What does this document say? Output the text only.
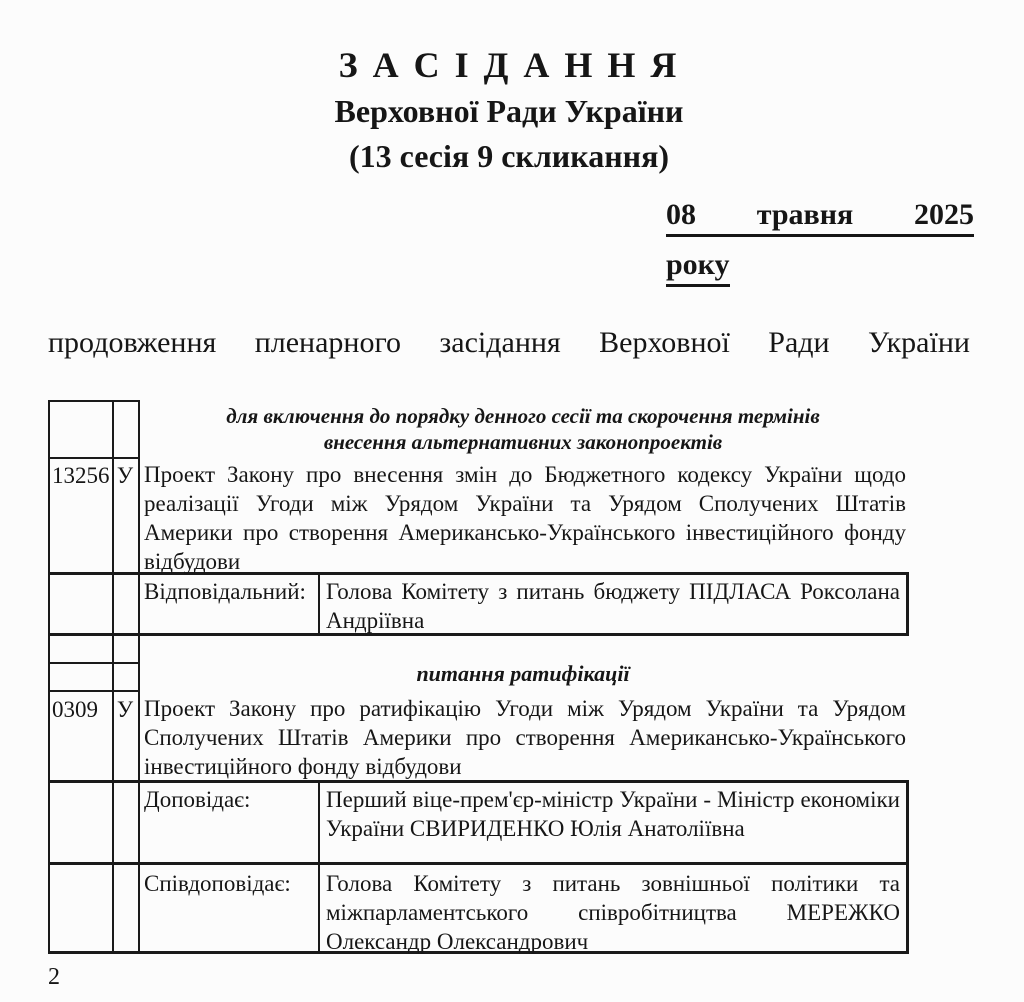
З А С І Д А Н Н Я
Верховної Ради України
(13 сесія 9 скликання)
08 травня 2025
року
продовження пленарного засідання Верховної Ради України
для включення до порядку денного сесії та скорочення термінів
внесення альтернативних законопроектів
13256 У Проект Закону про внесення змін до Бюджетного кодексу України щодо реалізації Угоди між Урядом України та Урядом Сполучених Штатів Америки про створення Американсько-Українського інвестиційного фонду відбудови
Відповідальний: Голова Комітету з питань бюджету ПІДЛАСА Роксолана Андріївна
питання ратифікації
0309 У Проект Закону про ратифікацію Угоди між Урядом України та Урядом Сполучених Штатів Америки про створення Американсько-Українського інвестиційного фонду відбудови
Доповідає:	Перший віце-прем'єр-міністр України - Міністр економіки України СВИРИДЕНКО Юлія Анатоліївна
Співдоповідає:	Голова Комітету з питань зовнішньої політики та міжпарламентського співробітництва МЕРЕЖКО Олександр Олександрович
2
